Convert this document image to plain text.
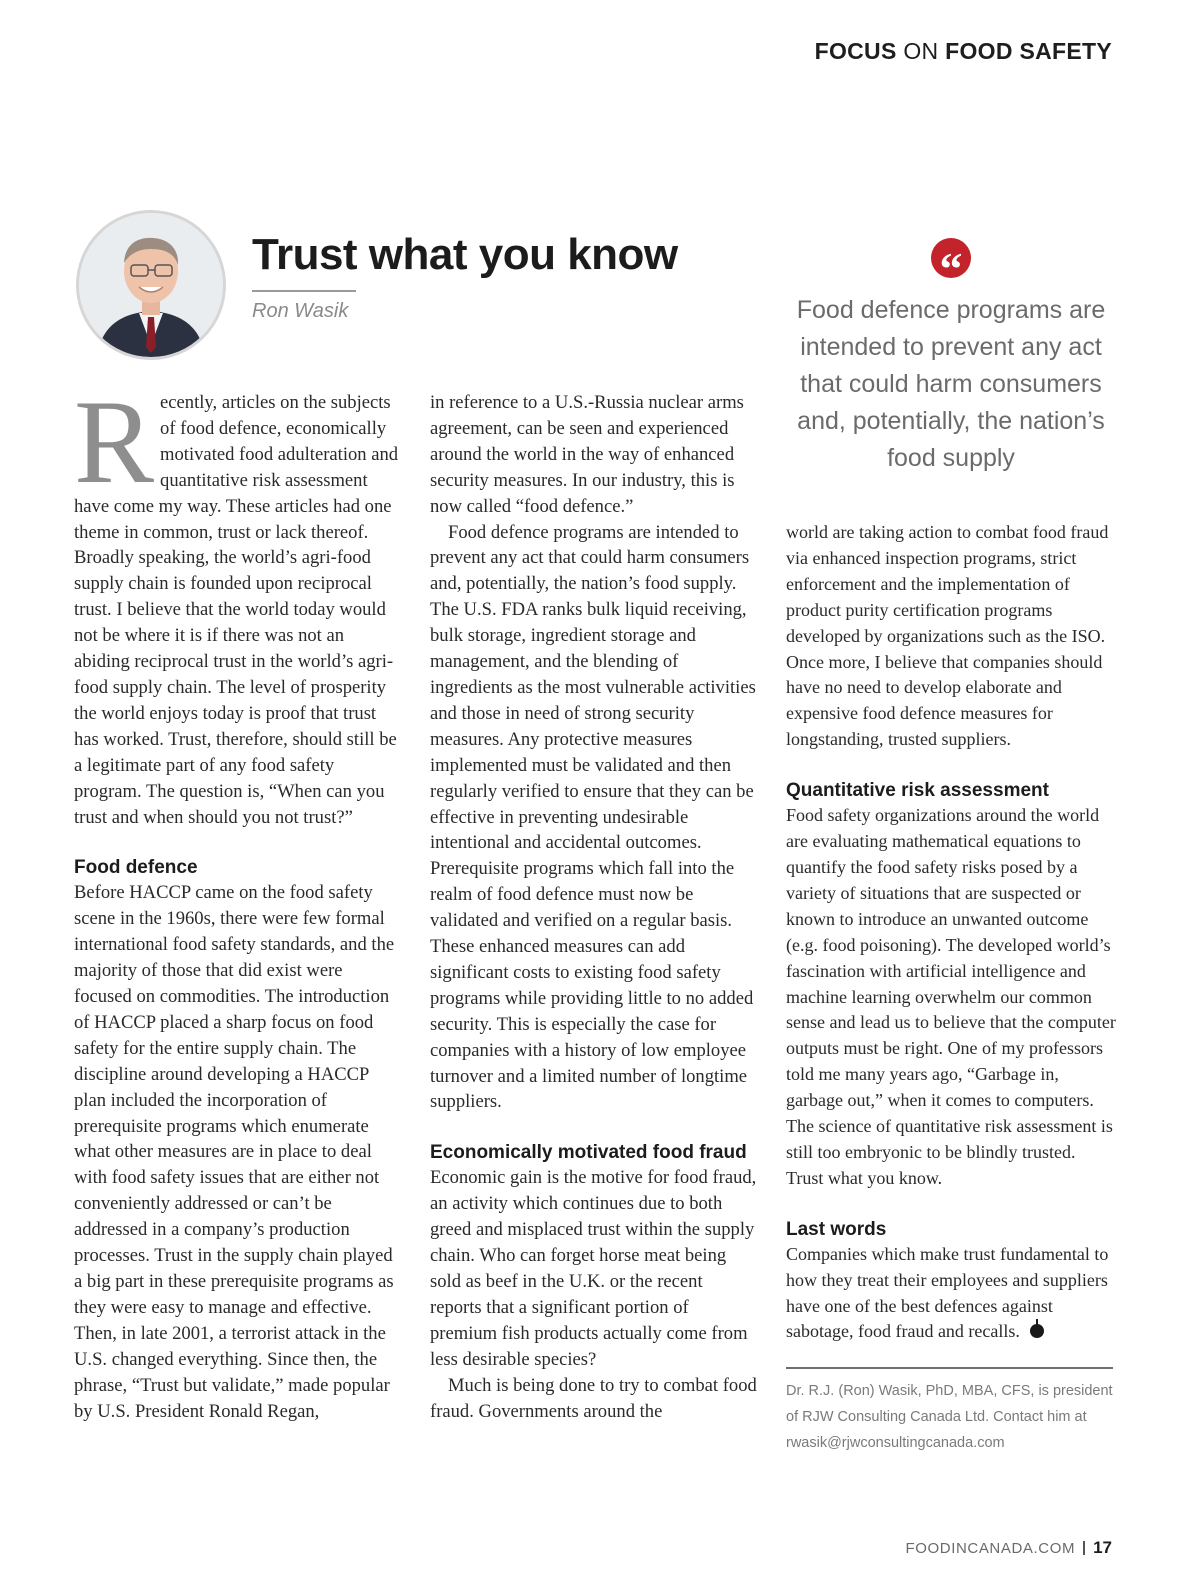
FOCUS ON FOOD SAFETY
Trust what you know
Ron Wasik
“
Food defence programs are intended to prevent any act that could harm consumers and, potentially, the nation’s food supply

Recently, articles on the subjects of food defence, economically motivated food adulteration and quantitative risk assessment have come my way. These articles had one theme in common, trust or lack thereof. Broadly speaking, the world’s agri-food supply chain is founded upon reciprocal trust. I believe that the world today would not be where it is if there was not an abiding reciprocal trust in the world’s agri-food supply chain. The level of prosperity the world enjoys today is proof that trust has worked. Trust, therefore, should still be a legitimate part of any food safety program. The question is, “When can you trust and when should you not trust?”

Food defence

Before HACCP came on the food safety scene in the 1960s, there were few formal international food safety standards, and the majority of those that did exist were focused on commodities. The introduction of HACCP placed a sharp focus on food safety for the entire supply chain. The discipline around developing a HACCP plan included the incorporation of prerequisite programs which enumerate what other measures are in place to deal with food safety issues that are either not conveniently addressed or can’t be addressed in a company’s production processes. Trust in the supply chain played a big part in these prerequisite programs as they were easy to manage and effective. Then, in late 2001, a terrorist attack in the U.S. changed everything. Since then, the phrase, “Trust but validate,” made popular by U.S. President Ronald Regan,

in reference to a U.S.-Russia nuclear arms agreement, can be seen and experienced around the world in the way of enhanced security measures. In our industry, this is now called “food defence.”

Food defence programs are intended to prevent any act that could harm consumers and, potentially, the nation’s food supply. The U.S. FDA ranks bulk liquid receiving, bulk storage, ingredient storage and management, and the blending of ingredients as the most vulnerable activities and those in need of strong security measures. Any protective measures implemented must be validated and then regularly verified to ensure that they can be effective in preventing undesirable intentional and accidental outcomes. Prerequisite programs which fall into the realm of food defence must now be validated and verified on a regular basis. These enhanced measures can add significant costs to existing food safety programs while providing little to no added security. This is especially the case for companies with a history of low employee turnover and a limited number of longtime suppliers.

Economically motivated food fraud

Economic gain is the motive for food fraud, an activity which continues due to both greed and misplaced trust within the supply chain. Who can forget horse meat being sold as beef in the U.K. or the recent reports that a significant portion of premium fish products actually come from less desirable species?

Much is being done to try to combat food fraud. Governments around the

world are taking action to combat food fraud via enhanced inspection programs, strict enforcement and the implementation of product purity certification programs developed by organizations such as the ISO. Once more, I believe that companies should have no need to develop elaborate and expensive food defence measures for longstanding, trusted suppliers.

Quantitative risk assessment

Food safety organizations around the world are evaluating mathematical equations to quantify the food safety risks posed by a variety of situations that are suspected or known to introduce an unwanted outcome (e.g. food poisoning). The developed world’s fascination with artificial intelligence and machine learning overwhelm our common sense and lead us to believe that the computer outputs must be right. One of my professors told me many years ago, “Garbage in, garbage out,” when it comes to computers. The science of quantitative risk assessment is still too embryonic to be blindly trusted. Trust what you know.

Last words

Companies which make trust fundamental to how they treat their employees and suppliers have one of the best defences against sabotage, food fraud and recalls.

Dr. R.J. (Ron) Wasik, PhD, MBA, CFS, is president
of RJW Consulting Canada Ltd. Contact him at
rwasik@rjwconsultingcanada.com
FOODINCANADA.COM 17
